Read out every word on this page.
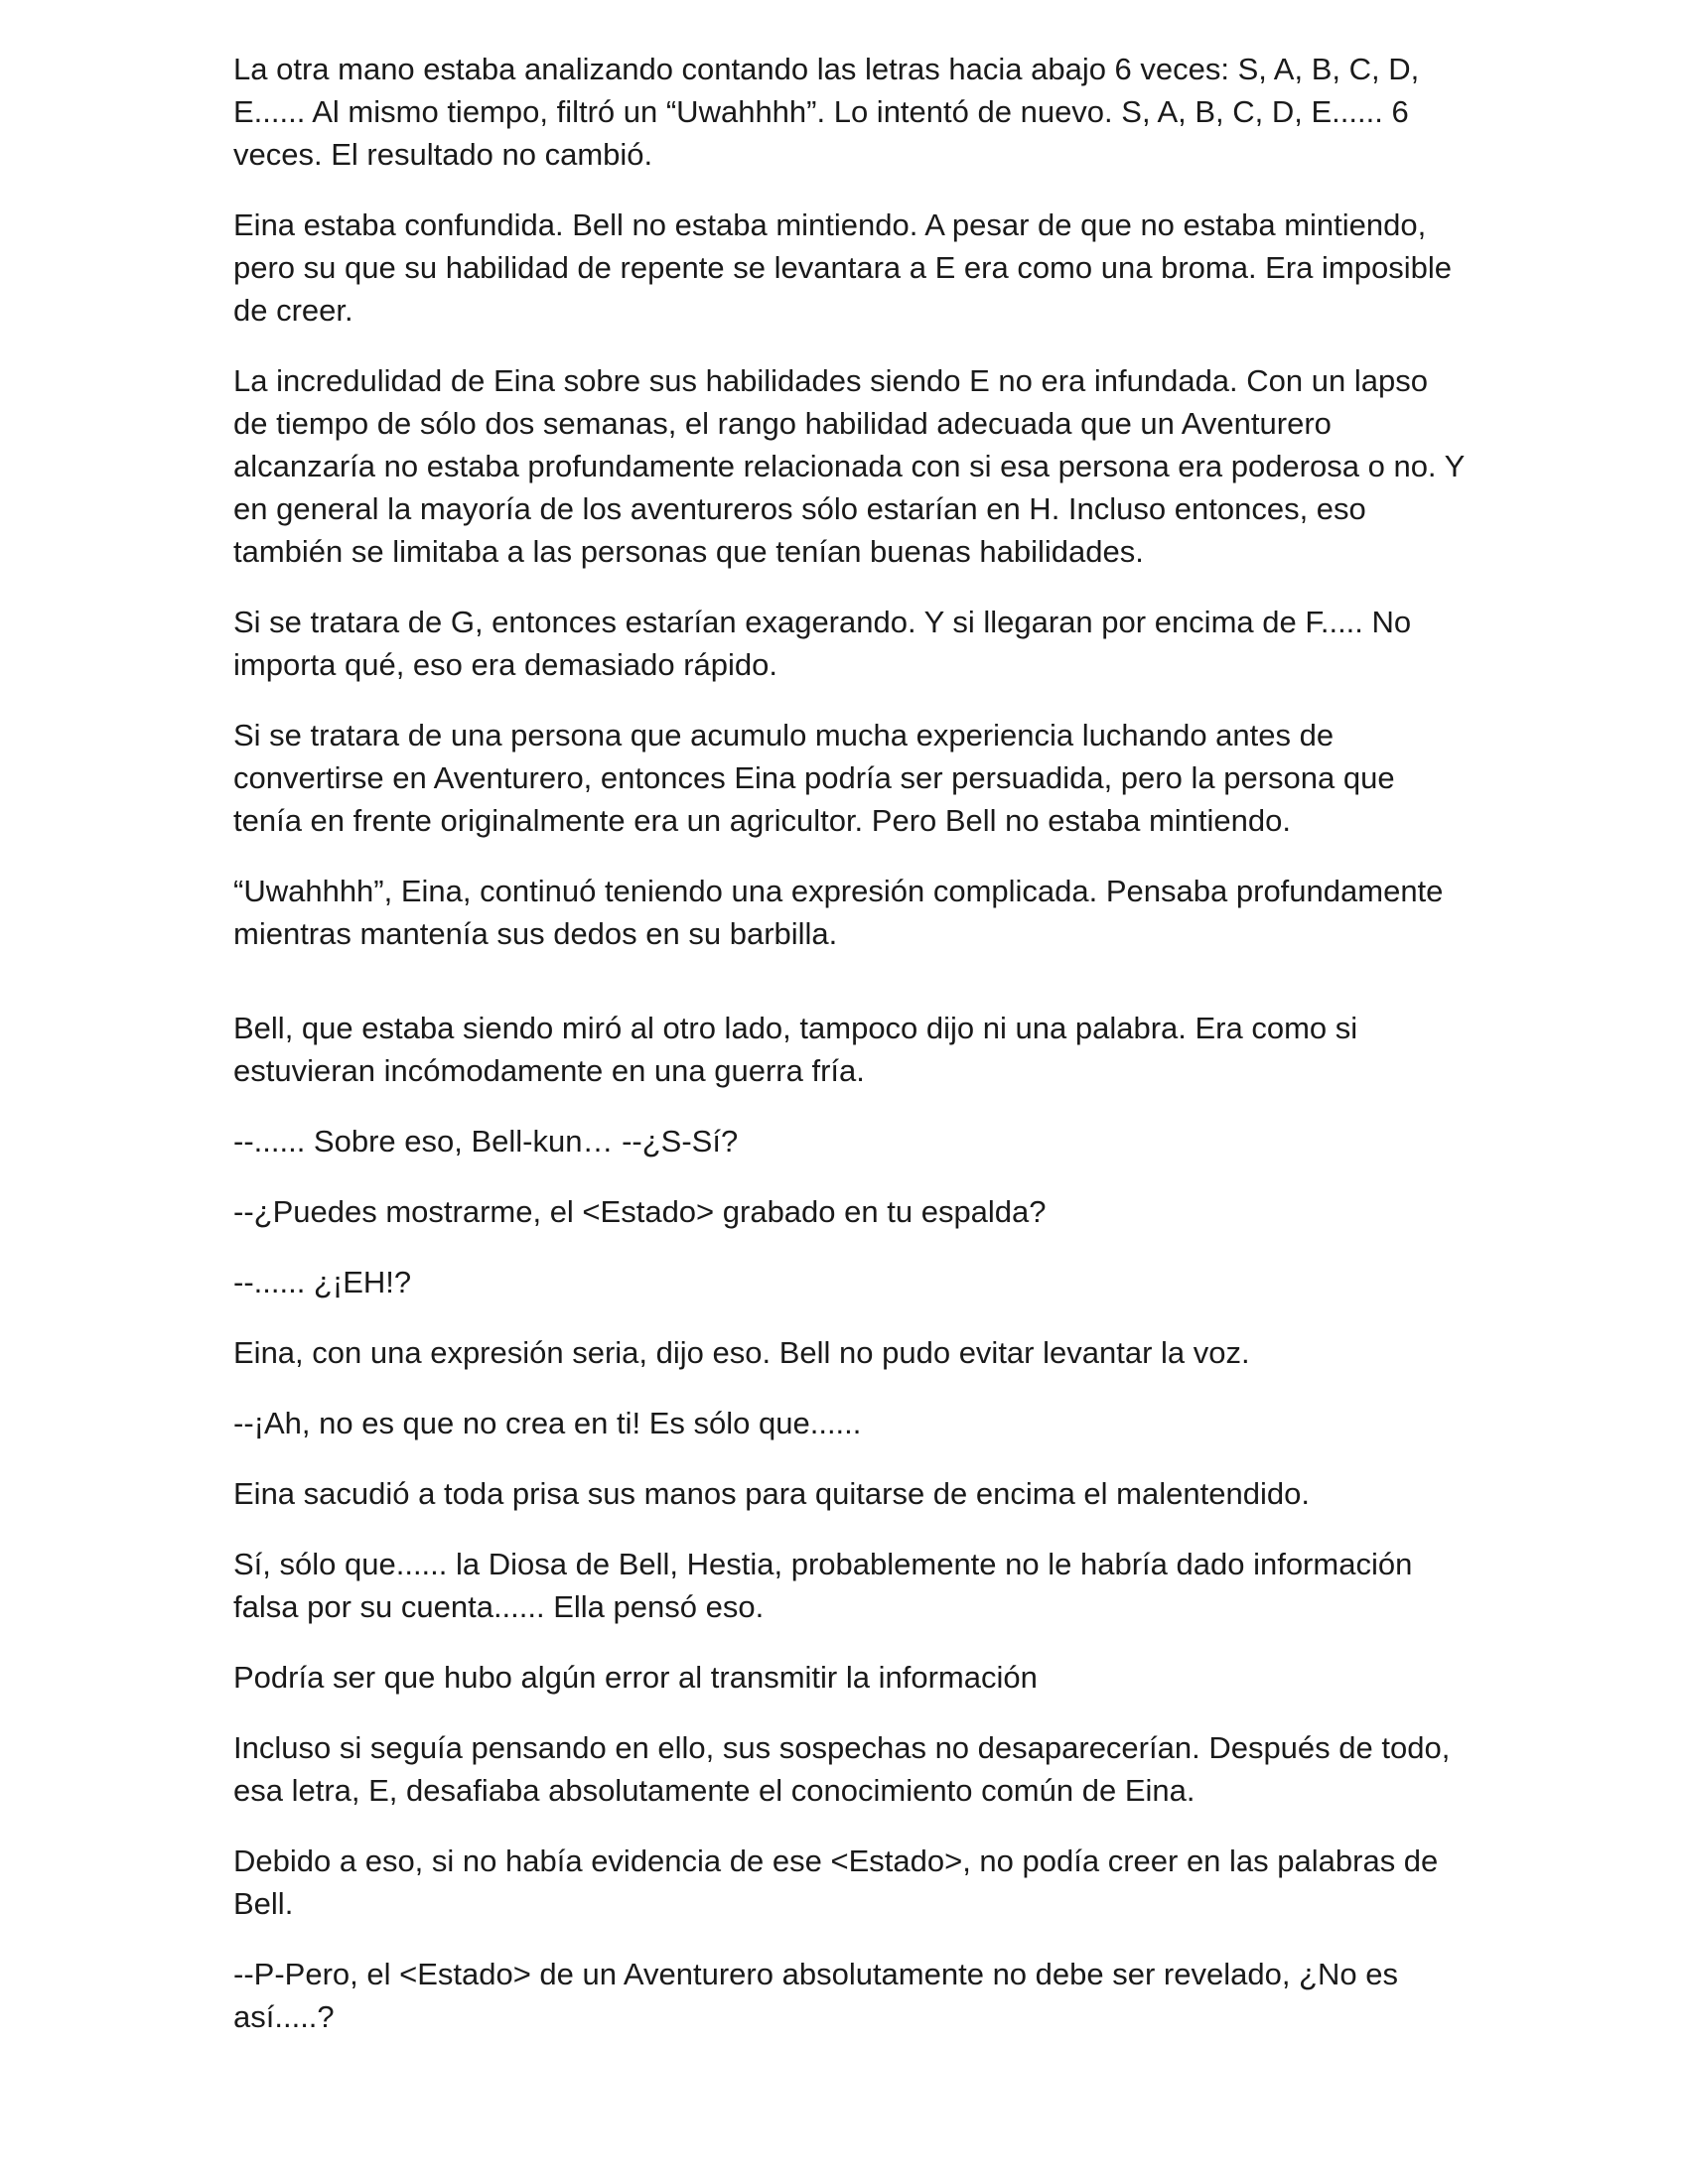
La otra mano estaba analizando contando las letras hacia abajo 6 veces: S, A, B, C, D, E...... Al mismo tiempo, filtró un “Uwahhhh”. Lo intentó de nuevo. S, A, B, C, D, E...... 6 veces. El resultado no cambió.

Eina estaba confundida. Bell no estaba mintiendo. A pesar de que no estaba mintiendo, pero su que su habilidad de repente se levantara a E era como una broma. Era imposible de creer.

La incredulidad de Eina sobre sus habilidades siendo E no era infundada. Con un lapso de tiempo de sólo dos semanas, el rango habilidad adecuada que un Aventurero alcanzaría no estaba profundamente relacionada con si esa persona era poderosa o no. Y en general la mayoría de los aventureros sólo estarían en H. Incluso entonces, eso también se limitaba a las personas que tenían buenas habilidades.

Si se tratara de G, entonces estarían exagerando. Y si llegaran por encima de F..... No importa qué, eso era demasiado rápido.

Si se tratara de una persona que acumulo mucha experiencia luchando antes de convertirse en Aventurero, entonces Eina podría ser persuadida, pero la persona que tenía en frente originalmente era un agricultor. Pero Bell no estaba mintiendo.

“Uwahhhh”, Eina, continuó teniendo una expresión complicada. Pensaba profundamente mientras mantenía sus dedos en su barbilla.

Bell, que estaba siendo miró al otro lado, tampoco dijo ni una palabra. Era como si estuvieran incómodamente en una guerra fría.

--...... Sobre eso, Bell-kun… --¿S-Sí?

--¿Puedes mostrarme, el <Estado> grabado en tu espalda?

--...... ¿¡EH!?

Eina, con una expresión seria, dijo eso. Bell no pudo evitar levantar la voz.

--¡Ah, no es que no crea en ti! Es sólo que......

Eina sacudió a toda prisa sus manos para quitarse de encima el malentendido.

Sí, sólo que...... la Diosa de Bell, Hestia, probablemente no le habría dado información falsa por su cuenta...... Ella pensó eso.

Podría ser que hubo algún error al transmitir la información

Incluso si seguía pensando en ello, sus sospechas no desaparecerían. Después de todo, esa letra, E, desafiaba absolutamente el conocimiento común de Eina.

Debido a eso, si no había evidencia de ese <Estado>, no podía creer en las palabras de Bell.

--P-Pero, el <Estado> de un Aventurero absolutamente no debe ser revelado, ¿No es así.....?
